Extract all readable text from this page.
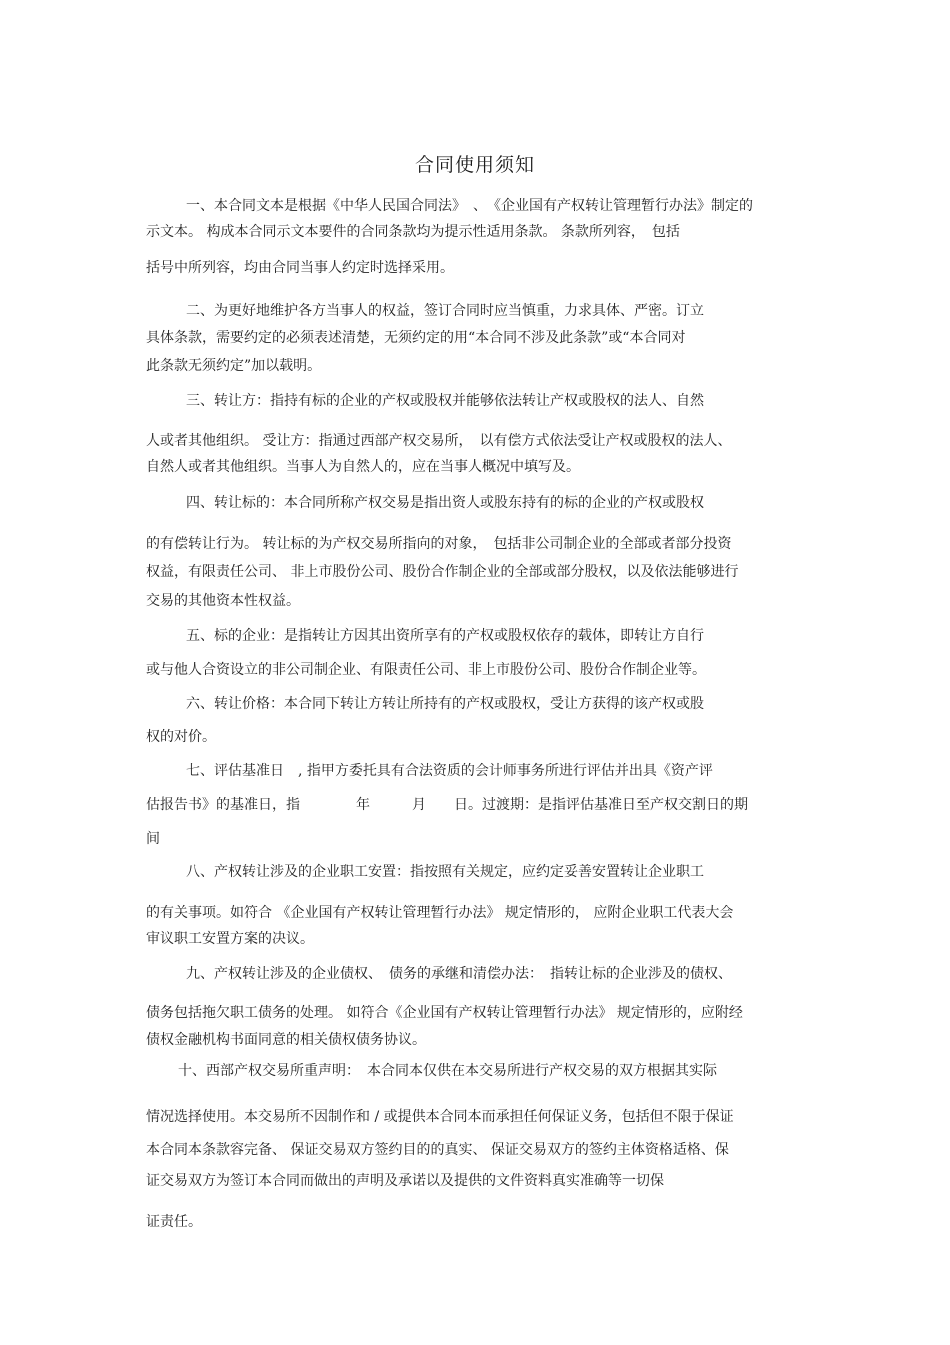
合同使用须知
一、本合同文本是根据《中华人民国合同法》　、　《企业国有产权转让管理暂行办法》制定的
示文本。 构成本合同示文本要件的合同条款均为提示性适用条款。 条款所列容，　包括
括号中所列容，均由合同当事人约定时选择采用。
二、为更好地维护各方当事人的权益，签订合同时应当慎重，力求具体、严密。订立
具体条款，需要约定的必须表述清楚，无须约定的用“本合同不涉及此条款”或“本合同对
此条款无须约定”加以载明。
三、转让方：指持有标的企业的产权或股权并能够依法转让产权或股权的法人、自然
人或者其他组织。 受让方：指通过西部产权交易所，　以有偿方式依法受让产权或股权的法人、
自然人或者其他组织。当事人为自然人的，应在当事人概况中填写及。
四、转让标的：本合同所称产权交易是指出资人或股东持有的标的企业的产权或股权
的有偿转让行为。 转让标的为产权交易所指向的对象，　包括非公司制企业的全部或者部分投资
权益，有限责任公司、 非上市股份公司、股份合作制企业的全部或部分股权，以及依法能够进行
交易的其他资本性权益。
五、标的企业：是指转让方因其出资所享有的产权或股权依存的载体，即转让方自行
或与他人合资设立的非公司制企业、有限责任公司、非上市股份公司、股份合作制企业等。
六、转让价格：本合同下转让方转让所持有的产权或股权，受让方获得的该产权或股
权的对价。
七、评估基准日　, 指甲方委托具有合法资质的会计师事务所进行评估并出具《资产评
估报告书》的基准日，指　　　　年　　　月　　日。过渡期：是指评估基准日至产权交割日的期
间
八、产权转让涉及的企业职工安置：指按照有关规定，应约定妥善安置转让企业职工
的有关事项。如符合 《企业国有产权转让管理暂行办法》 规定情形的， 应附企业职工代表大会
审议职工安置方案的决议。
九、产权转让涉及的企业债权、　债务的承继和清偿办法：　指转让标的企业涉及的债权、
债务包括拖欠职工债务的处理。 如符合《企业国有产权转让管理暂行办法》 规定情形的，应附经
债权金融机构书面同意的相关债权债务协议。
十、西部产权交易所重声明：　本合同本仅供在本交易所进行产权交易的双方根据其实际
情况选择使用。本交易所不因制作和 / 或提供本合同本而承担任何保证义务，包括但不限于保证
本合同本条款容完备、 保证交易双方签约目的的真实、 保证交易双方的签约主体资格适格、保
证交易双方为签订本合同而做出的声明及承诺以及提供的文件资料真实准确等一切保
证责任。
